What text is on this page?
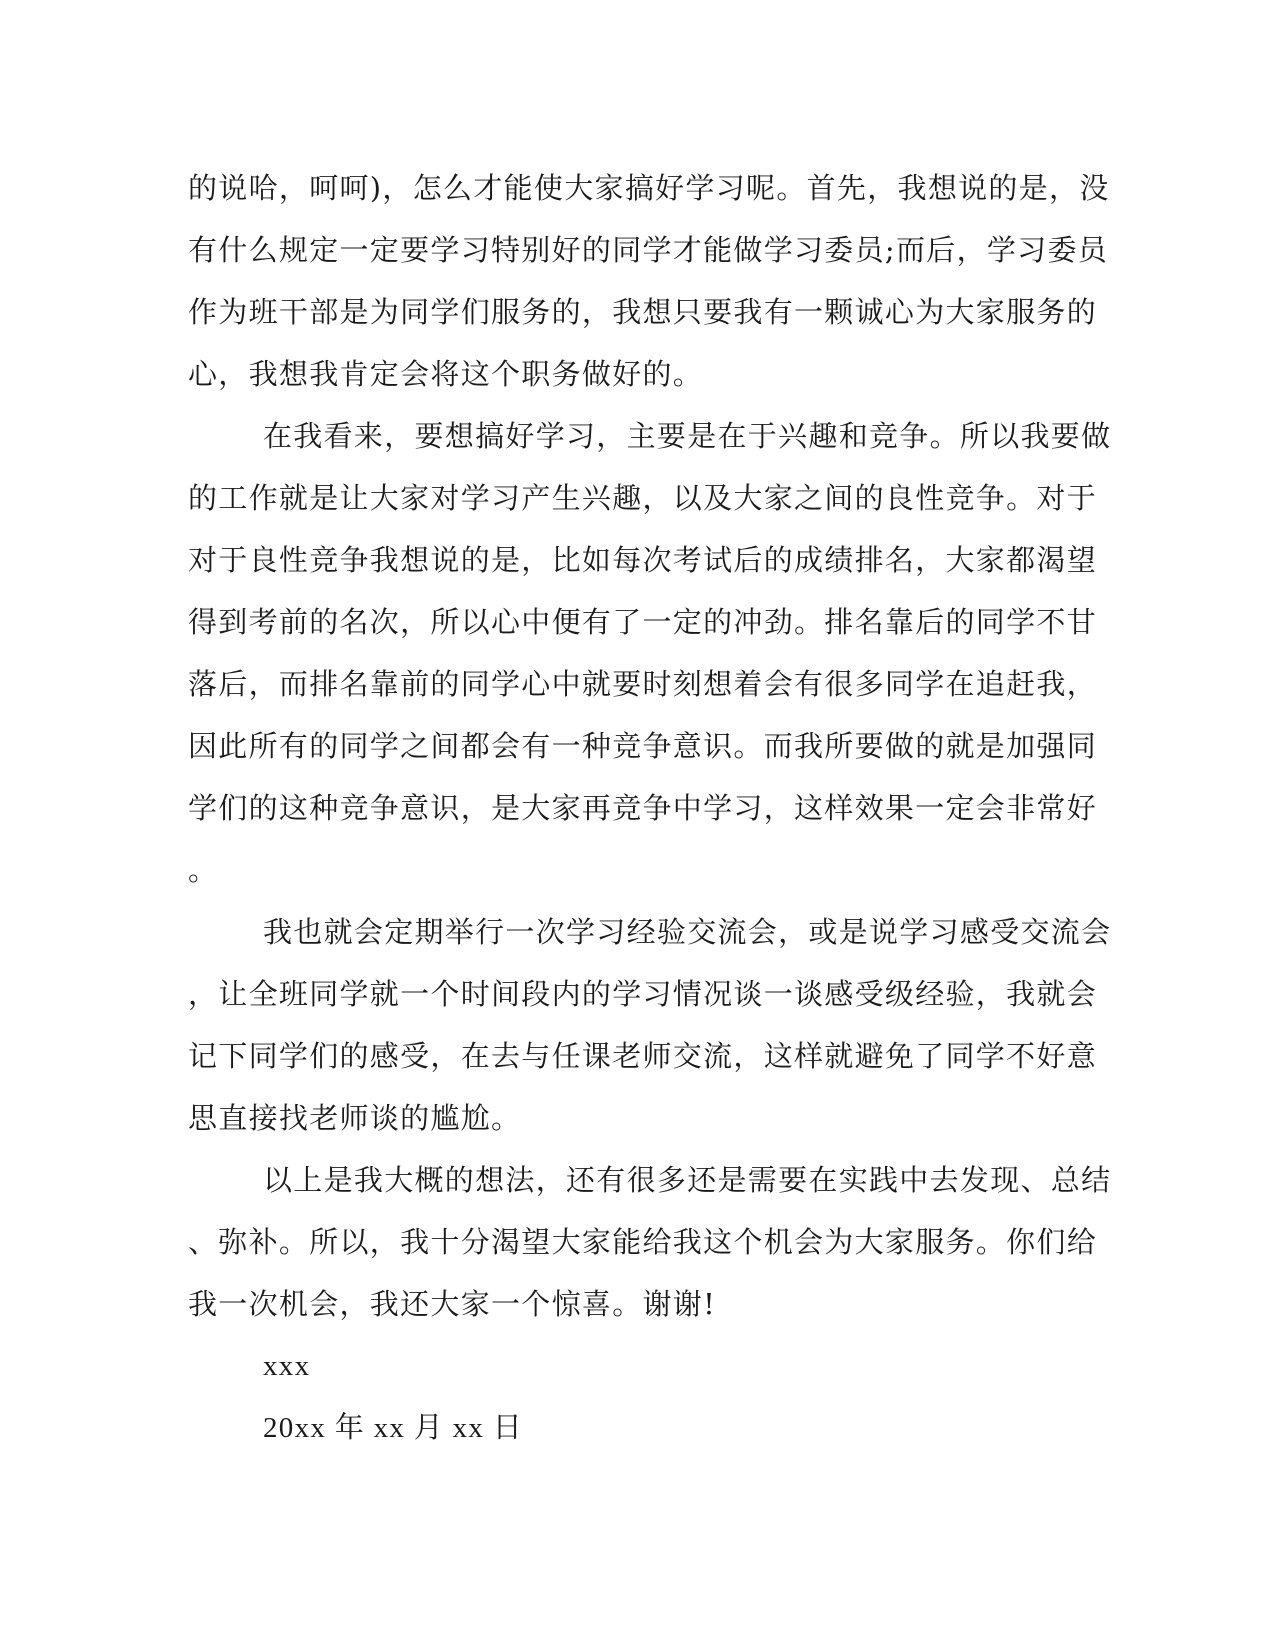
的说哈，呵呵)，怎么才能使大家搞好学习呢。首先，我想说的是，没
有什么规定一定要学习特别好的同学才能做学习委员;而后，学习委员
作为班干部是为同学们服务的，我想只要我有一颗诚心为大家服务的
心，我想我肯定会将这个职务做好的。
在我看来，要想搞好学习，主要是在于兴趣和竞争。所以我要做
的工作就是让大家对学习产生兴趣，以及大家之间的良性竞争。对于
对于良性竞争我想说的是，比如每次考试后的成绩排名，大家都渴望
得到考前的名次，所以心中便有了一定的冲劲。排名靠后的同学不甘
落后，而排名靠前的同学心中就要时刻想着会有很多同学在追赶我，
因此所有的同学之间都会有一种竞争意识。而我所要做的就是加强同
学们的这种竞争意识，是大家再竞争中学习，这样效果一定会非常好
。
我也就会定期举行一次学习经验交流会，或是说学习感受交流会
，让全班同学就一个时间段内的学习情况谈一谈感受级经验，我就会
记下同学们的感受，在去与任课老师交流，这样就避免了同学不好意
思直接找老师谈的尴尬。
以上是我大概的想法，还有很多还是需要在实践中去发现、总结
、弥补。所以，我十分渴望大家能给我这个机会为大家服务。你们给
我一次机会，我还大家一个惊喜。谢谢!
xxx
20xx 年 xx 月 xx 日
